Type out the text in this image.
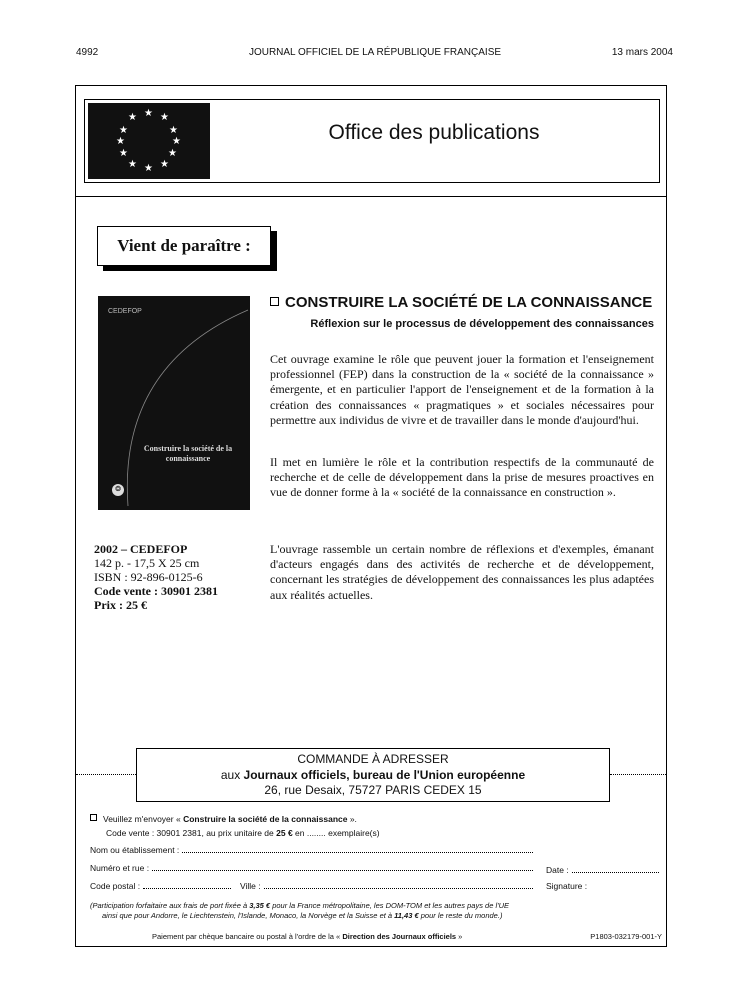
4992	JOURNAL OFFICIEL DE LA RÉPUBLIQUE FRANÇAISE	13 mars 2004
★ ★
★
★
★
★
★
★
★
★
★
★
Office des publications
Vient de paraître :
CEDEFOP
Construire la société de la connaissance
❂
2002 – CEDEFOP
142 p. - 17,5 X 25 cm
ISBN : 92-896-0125-6
Code vente : 30901 2381
Prix : 25 €
CONSTRUIRE LA SOCIÉTÉ DE LA CONNAISSANCE
Réflexion sur le processus de développement des connaissances
Cet ouvrage examine le rôle que peuvent jouer la formation et l'enseignement professionnel (FEP) dans la construction de la « société de la connaissance » émergente, et en particulier l'apport de l'enseignement et de la formation à la création des connaissances « pragmatiques » et sociales nécessaires pour permettre aux individus de vivre et de travailler dans le monde d'aujourd'hui.
Il met en lumière le rôle et la contribution respectifs de la communauté de recherche et de celle de développement dans la prise de mesures proactives en vue de donner forme à la « société de la connaissance en construction ».
L'ouvrage rassemble un certain nombre de réflexions et d'exemples, émanant d'acteurs engagés dans des activités de recherche et de développement, concernant les stratégies de développement des connaissances les plus adaptées aux réalités actuelles.
COMMANDE À ADRESSER
aux Journaux officiels, bureau de l'Union européenne
26, rue Desaix, 75727 PARIS CEDEX 15
Veuillez m'envoyer « Construire la société de la connaissance ».
Code vente : 30901 2381, au prix unitaire de 25 € en ........ exemplaire(s)
Nom ou établissement :
Numéro et rue :	Date :
Code postal :	Ville :	Signature :
(Participation forfaitaire aux frais de port fixée à 3,35 € pour la France métropolitaine, les DOM-TOM et les autres pays de l'UE
ainsi que pour Andorre, le Liechtenstein, l'Islande, Monaco, la Norvège et la Suisse et à 11,43 € pour le reste du monde.)
Paiement par chèque bancaire ou postal à l'ordre de la « Direction des Journaux officiels »	P1803-032179-001-Y
